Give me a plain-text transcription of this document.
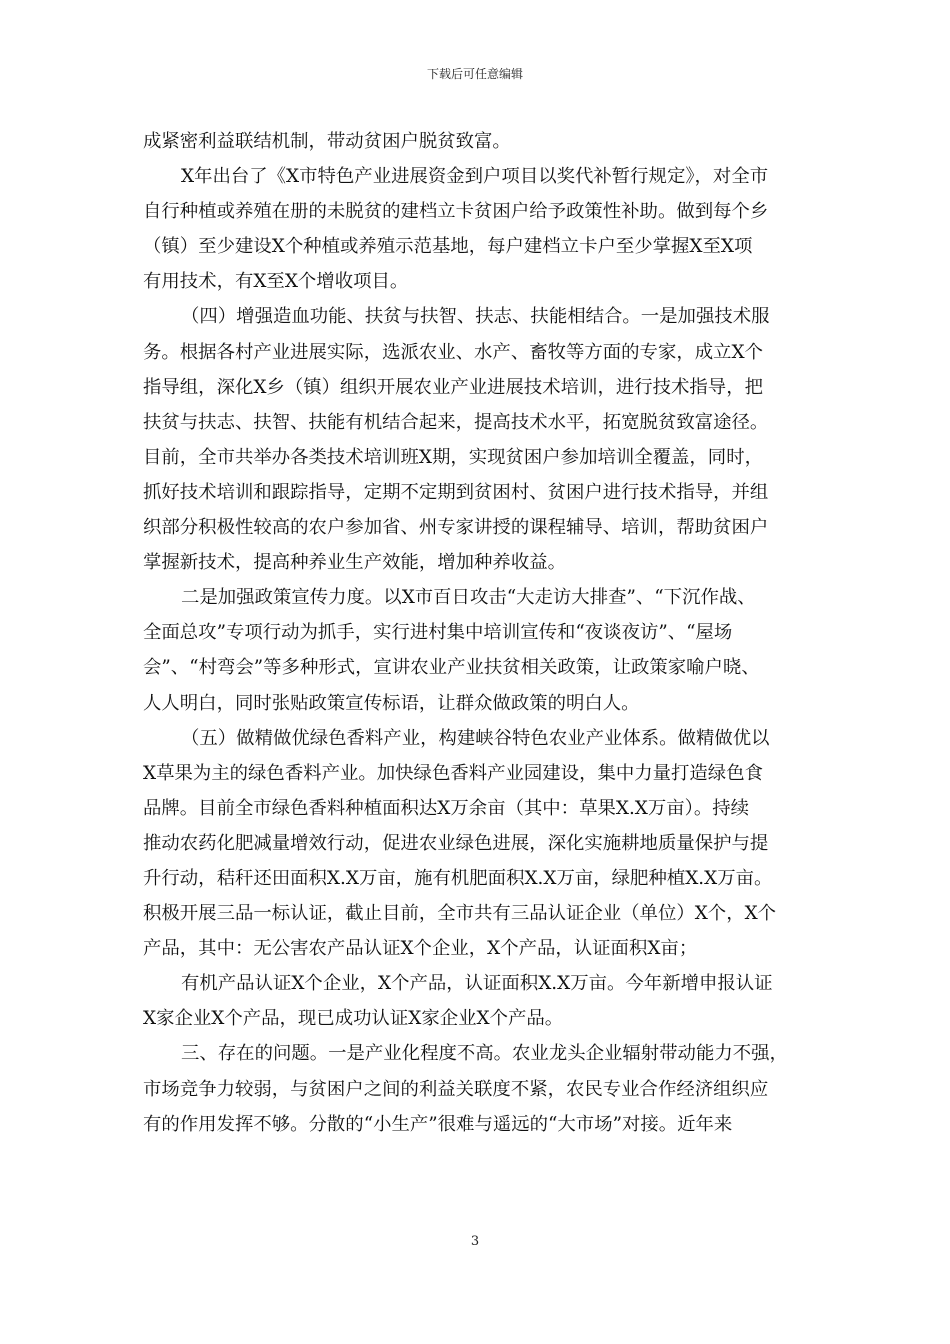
下载后可任意编辑
成紧密利益联结机制，带动贫困户脱贫致富。
X年出台了《X市特色产业进展资金到户项目以奖代补暂行规定》，对全市
自行种植或养殖在册的未脱贫的建档立卡贫困户给予政策性补助。做到每个乡
（镇）至少建设X个种植或养殖示范基地，每户建档立卡户至少掌握X至X项
有用技术，有X至X个增收项目。
（四）增强造血功能、扶贫与扶智、扶志、扶能相结合。一是加强技术服
务。根据各村产业进展实际，选派农业、水产、畜牧等方面的专家，成立X个
指导组，深化X乡（镇）组织开展农业产业进展技术培训，进行技术指导，把
扶贫与扶志、扶智、扶能有机结合起来，提高技术水平，拓宽脱贫致富途径。
目前，全市共举办各类技术培训班X期，实现贫困户参加培训全覆盖，同时，
抓好技术培训和跟踪指导，定期不定期到贫困村、贫困户进行技术指导，并组
织部分积极性较高的农户参加省、州专家讲授的课程辅导、培训，帮助贫困户
掌握新技术，提高种养业生产效能，增加种养收益。
二是加强政策宣传力度。以X市百日攻击“大走访大排查”、“下沉作战、
全面总攻”专项行动为抓手，实行进村集中培训宣传和“夜谈夜访”、“屋场
会”、“村弯会”等多种形式，宣讲农业产业扶贫相关政策，让政策家喻户晓、
人人明白，同时张贴政策宣传标语，让群众做政策的明白人。
（五）做精做优绿色香料产业，构建峡谷特色农业产业体系。做精做优以
X草果为主的绿色香料产业。加快绿色香料产业园建设，集中力量打造绿色食
品牌。目前全市绿色香料种植面积达X万余亩（其中：草果X.X万亩）。持续
推动农药化肥减量增效行动，促进农业绿色进展，深化实施耕地质量保护与提
升行动，秸秆还田面积X.X万亩，施有机肥面积X.X万亩，绿肥种植X.X万亩。
积极开展三品一标认证，截止目前，全市共有三品认证企业（单位）X个，X个
产品，其中：无公害农产品认证X个企业，X个产品，认证面积X亩；
有机产品认证X个企业，X个产品，认证面积X.X万亩。今年新增申报认证
X家企业X个产品，现已成功认证X家企业X个产品。
三、存在的问题。一是产业化程度不高。农业龙头企业辐射带动能力不强，
市场竞争力较弱，与贫困户之间的利益关联度不紧，农民专业合作经济组织应
有的作用发挥不够。分散的“小生产”很难与遥远的“大市场”对接。近年来
3
